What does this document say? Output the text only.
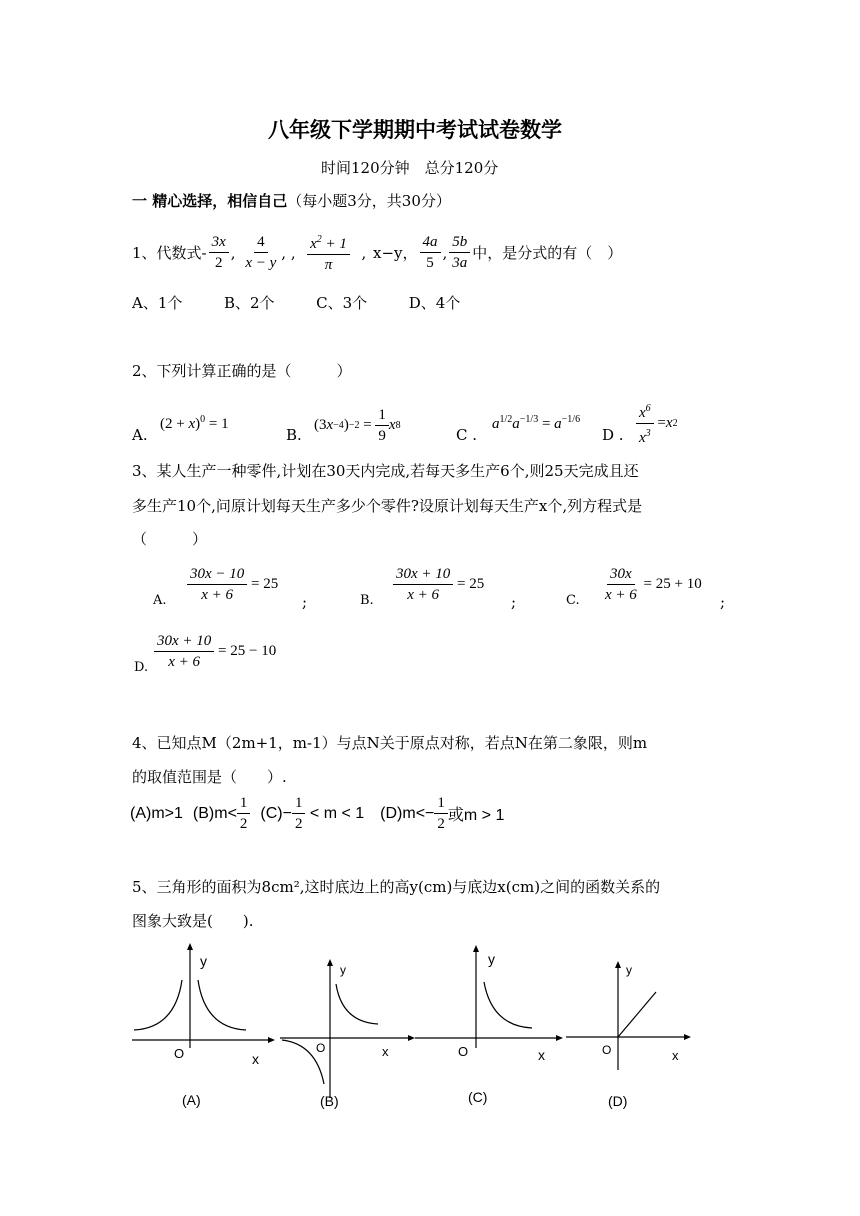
八年级下学期期中考试试卷数学
时间120分钟　总分120分
一 精心选择，相信自己（每小题3分，共30分）
1、代数式- $\frac{3x}{2}$ , $\frac{4}{x - y}$ , , $\frac{x^2 + 1}{\pi}$ , x−y， $\frac{4a}{5}$ , $\frac{5b}{3a}$ 中，是分式的有（　）
A、1个	B、2个	C、3个	D、4个
2、下列计算正确的是（　　　）
A.
$(2 + x)^0 = 1$
B.
(3 x −4 ) $-2 = \frac{1}{9}$ x 8
C .
$a^{1/2}a^{-1/3} = a^{-1/6}$
D . $\frac{x^6}{x^3} = x$ 2
3、某人生产一种零件,计划在30天内完成,若每天多生产6个,则25天完成且还
多生产10个,问原计划每天生产多少个零件?设原计划每天生产x个,列方程式是
（　　　）
A. $\frac{30x - 10}{x + 6}$
= 25
;	B. $\frac{30x + 10}{x + 6}$
= 25
;	C. $\frac{30x}{x + 6}$
= 25 + 10
;
D. $\frac{30x + 10}{x + 6}$
= 25 − 10
4、已知点M（2m+1，m-1）与点N关于原点对称，若点N在第二象限，则m
的取值范围是（　　）.
(A)m>1 $(B)m< \frac{1}{2} (C)- \frac{1}{2} < m < 1$ $(D)m<- \frac{1}{2}$ 或m > 1
5、三角形的面积为8cm²,这时底边上的高y(cm)与底边x(cm)之间的函数关系的
图象大致是(　　).
y
x
O
(A)
y
x
O
(B)
y
x
O
(C)
y
x
O
(D)
